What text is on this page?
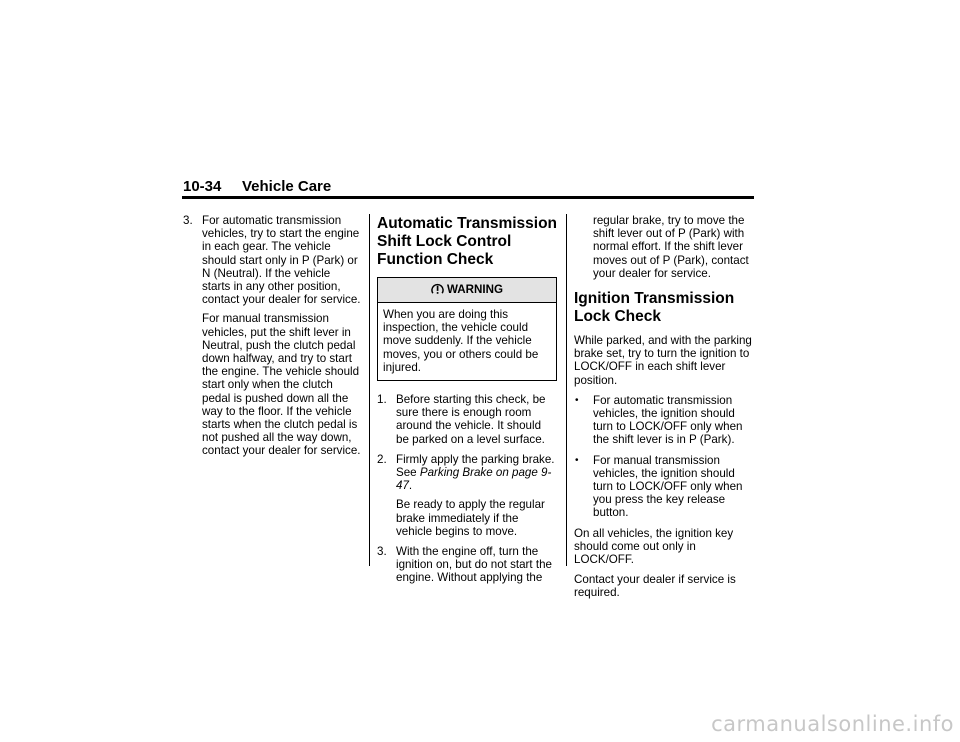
10-34 Vehicle Care
3. For automatic transmission vehicles, try to start the engine in each gear. The vehicle should start only in P (Park) or N (Neutral). If the vehicle starts in any other position, contact your dealer for service.

For manual transmission vehicles, put the shift lever in Neutral, push the clutch pedal down halfway, and try to start the engine. The vehicle should start only when the clutch pedal is pushed down all the way to the floor. If the vehicle starts when the clutch pedal is not pushed all the way down, contact your dealer for service.

Automatic Transmission Shift Lock Control Function Check
WARNING
When you are doing this inspection, the vehicle could move suddenly. If the vehicle moves, you or others could be injured.
1. Before starting this check, be sure there is enough room around the vehicle. It should be parked on a level surface.
2. Firmly apply the parking brake. See Parking Brake on page 9-47.

Be ready to apply the regular brake immediately if the vehicle begins to move.

3. With the engine off, turn the ignition on, but do not start the engine. Without applying the

regular brake, try to move the shift lever out of P (Park) with normal effort. If the shift lever moves out of P (Park), contact your dealer for service.

Ignition Transmission Lock Check

While parked, and with the parking brake set, try to turn the ignition to LOCK/OFF in each shift lever position.

• For automatic transmission vehicles, the ignition should turn to LOCK/OFF only when the shift lever is in P (Park).
• For manual transmission vehicles, the ignition should turn to LOCK/OFF only when you press the key release button.

On all vehicles, the ignition key should come out only in LOCK/OFF.

Contact your dealer if service is required.

carmanualsonline.info
